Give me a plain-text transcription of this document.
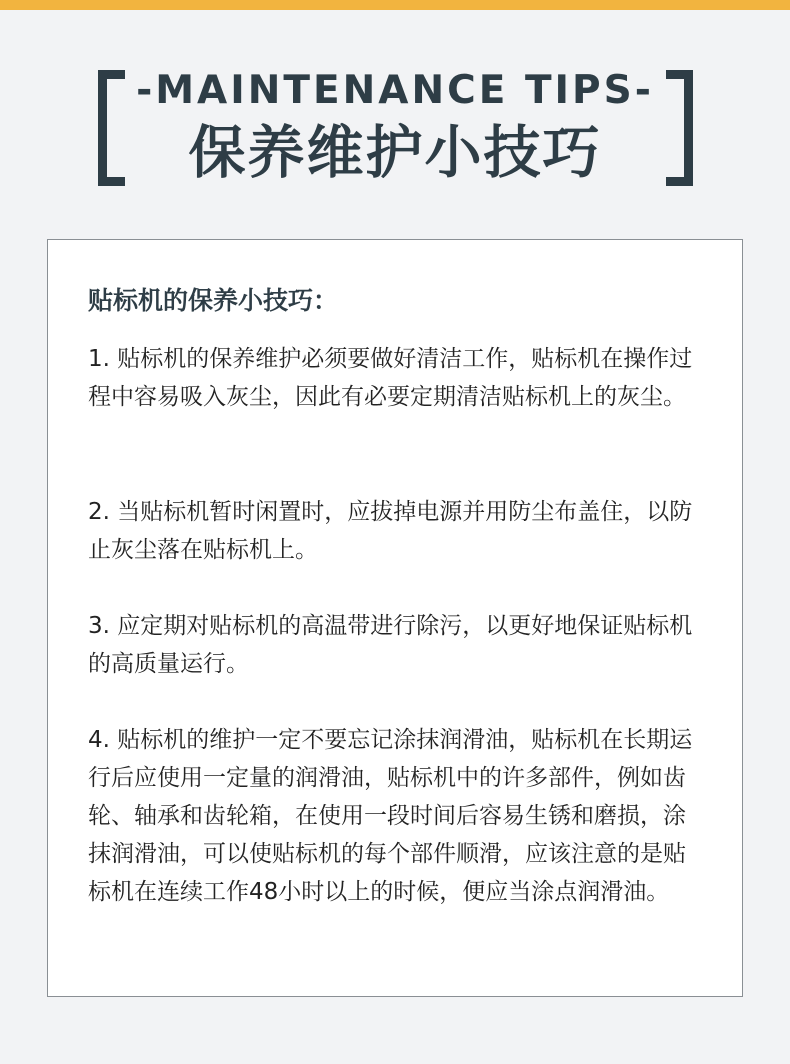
-MAINTENANCE TIPS-
保养维护小技巧
贴标机的保养小技巧：

1. 贴标机的保养维护必须要做好清洁工作，贴标机在操作过程中容易吸入灰尘，因此有必要定期清洁贴标机上的灰尘。

2. 当贴标机暂时闲置时，应拔掉电源并用防尘布盖住，以防止灰尘落在贴标机上。

3. 应定期对贴标机的高温带进行除污，以更好地保证贴标机的高质量运行。

4. 贴标机的维护一定不要忘记涂抹润滑油，贴标机在长期运行后应使用一定量的润滑油，贴标机中的许多部件，例如齿轮、轴承和齿轮箱，在使用一段时间后容易生锈和磨损，涂抹润滑油，可以使贴标机的每个部件顺滑，应该注意的是贴标机在连续工作48小时以上的时候，便应当涂点润滑油。
